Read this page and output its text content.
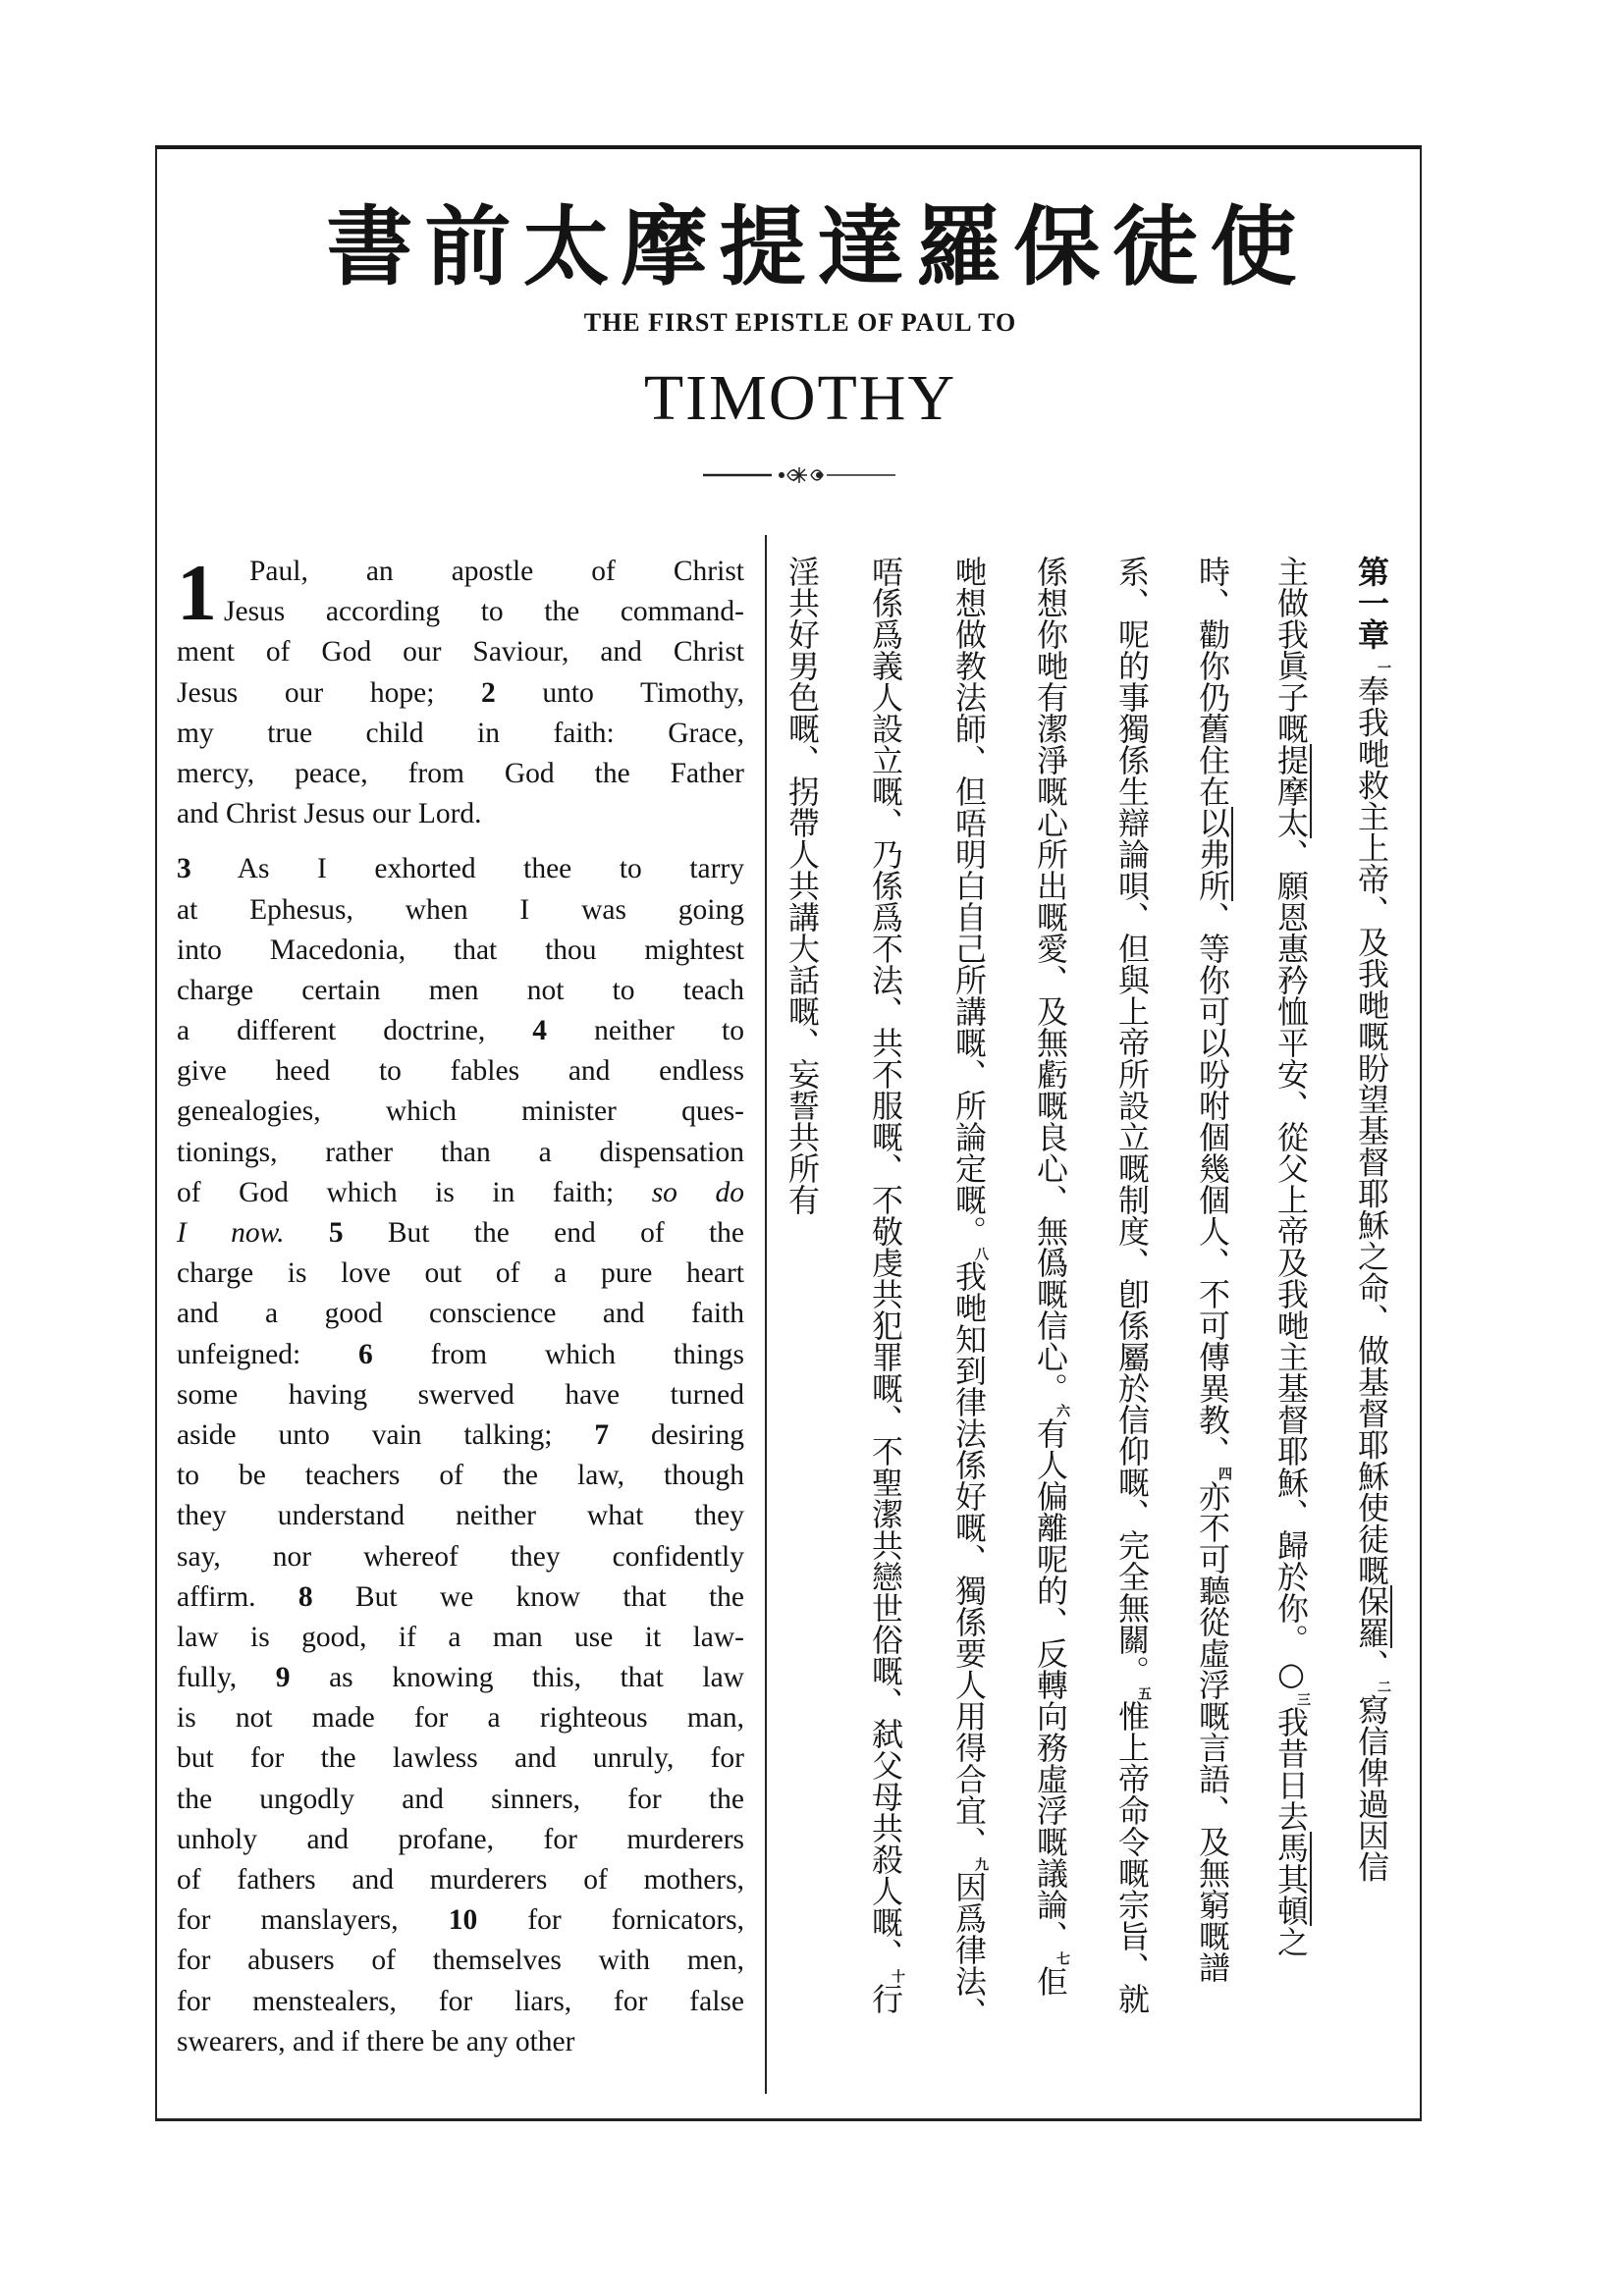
使
徒
保
羅
達
提
摩
太
前
書
THE FIRST EPISTLE OF PAUL TO
TIMOTHY
1	Paul, an apostle of Christ
Jesus according to the command-
ment of God our Saviour, and Christ
Jesus our hope; 2 unto Timothy,
my true child in faith: Grace,
mercy, peace, from God the Father
and Christ Jesus our Lord.
3 As I exhorted thee to tarry
at Ephesus, when I was going
into Macedonia, that thou mightest
charge certain men not to teach
a different doctrine, 4 neither to
give heed to fables and endless
genealogies, which minister ques-
tionings, rather than a dispensation
of God which is in faith; so do
I now. 5 But the end of the
charge is love out of a pure heart
and a good conscience and faith
unfeigned: 6 from which things
some having swerved have turned
aside unto vain talking; 7 desiring
to be teachers of the law, though
they understand neither what they
say, nor whereof they confidently
affirm. 8 But we know that the
law is good, if a man use it law-
fully, 9 as knowing this, that law
is not made for a righteous man,
but for the lawless and unruly, for
the ungodly and sinners, for the
unholy and profane, for murderers
of fathers and murderers of mothers,
for manslayers, 10 for fornicators,
for abusers of themselves with men,
for menstealers, for liars, for false
swearers, and if there be any other
第一章 一奉我哋救主上帝、及我哋嘅盼望基督耶穌之命、做基督耶穌使徒嘅保羅、二寫信俾過因信
主做我眞子嘅提摩太、願恩惠矜恤平安、從父上帝及我哋主基督耶穌、歸於你。○三我昔日去馬其頓之
時、勸你仍舊住在以弗所、等你可以吩咐個幾個人、不可傳異教、四亦不可聽從虛浮嘅言語、及無窮嘅譜
系、呢的事獨係生辯論唄、但與上帝所設立嘅制度、卽係屬於信仰嘅、完全無關。五惟上帝命令嘅宗旨、就
係想你哋有潔淨嘅心所出嘅愛、及無虧嘅良心、無僞嘅信心。六有人偏離呢的、反轉向務虛浮嘅議論、七佢
哋想做教法師、但唔明白自己所講嘅、所論定嘅。八我哋知到律法係好嘅、獨係要人用得合宜、九因爲律法、
唔係爲義人設立嘅、乃係爲不法、共不服嘅、不敬虔共犯罪嘅、不聖潔共戀世俗嘅、弑父母共殺人嘅、十行
淫共好男色嘅、拐帶人共講大話嘅、妄誓共所有
